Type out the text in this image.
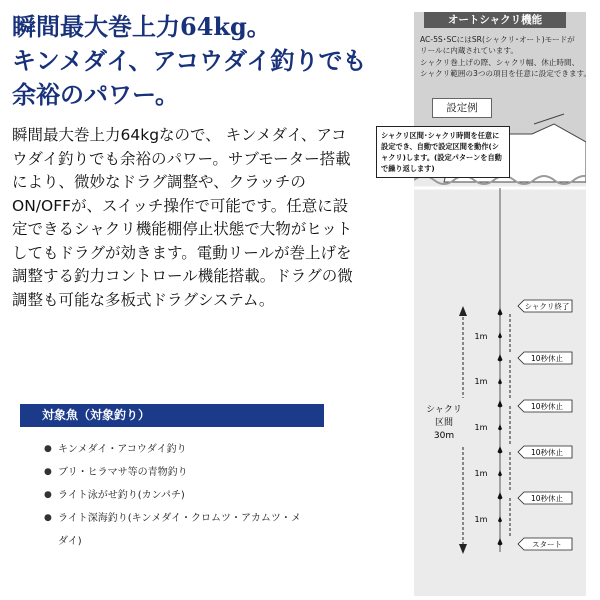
瞬間最大巻上力64kg。
キンメダイ、アコウダイ釣りでも
余裕のパワー。

瞬間最大巻上力64kgなので、 キンメダイ、アコウダイ釣りでも余裕のパワー。サブモーター搭載により、微妙なドラグ調整や、クラッチのON/OFFが、スイッチ操作で可能です。任意に設定できるシャクリ機能棚停止状態で大物がヒットしてもドラグが効きます。電動リールが巻上げを調整する釣力コントロール機能搭載。ドラグの微調整も可能な多板式ドラグシステム。

対象魚（対象釣り）
● キンメダイ・アコウダイ釣り
● ブリ・ヒラマサ等の青物釣り
● ライト泳がせ釣り(カンパチ)
● ライト深海釣り(キンメダイ・クロムツ・アカムツ・メダイ)
オートシャクリ機能
AC-5S･SCにはSR(シャクリ･オート)モードが
リールに内蔵されています。
シャクリ巻上げの際、シャクリ幅、休止時間、
シャクリ範囲の3つの項目を任意に設定できます。
設定例
シャクリ
区間
30m
1m
1m
1m
1m
1m
シャクリ終了
10秒休止
10秒休止
10秒休止
10秒休止
スタート
シャクリ区間･シャクリ時間を任意に設定でき、自動で設定区間を動作(シャクリ)します。(設定パターンを自動で繰り返します)
